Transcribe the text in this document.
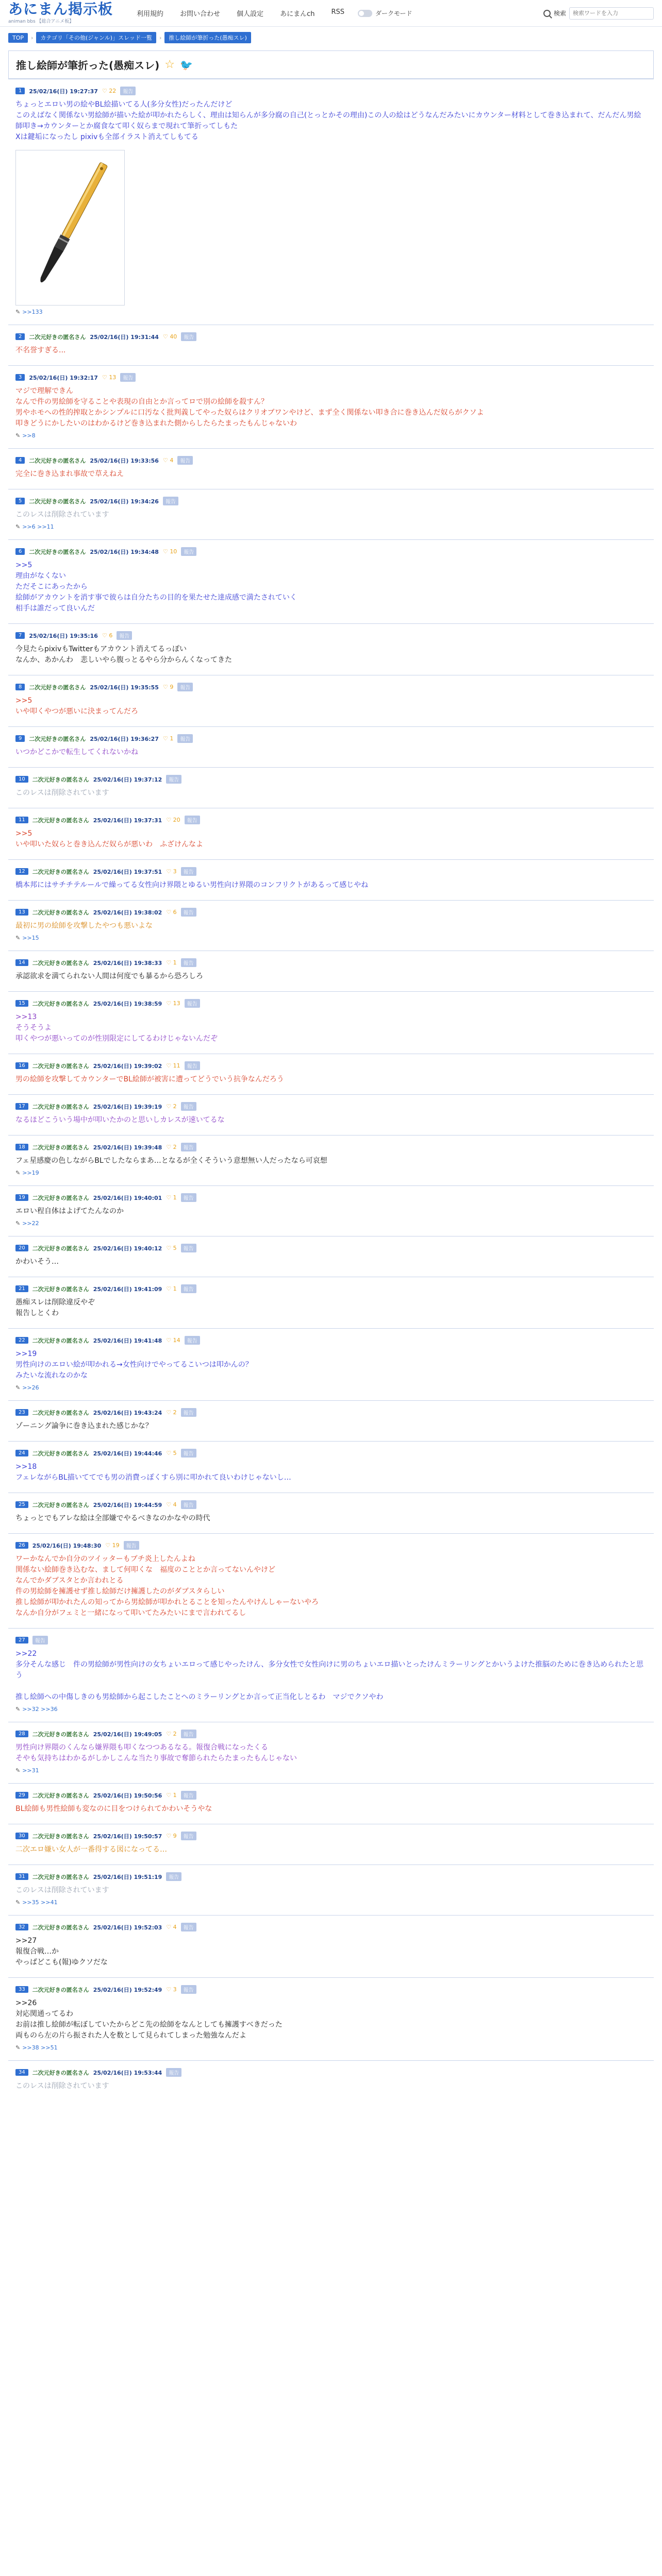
あにまん掲示板
animan bbs 【総合アニメ板】
利用規約	お問い合わせ	個人設定	あにまんch	RSS	ダークモード	検索
検索ワードを入力
TOP	›	カテゴリ「その他(ジャンル)」スレッド一覧	›	推し絵師が筆折った(愚痴スレ)
推し絵師が筆折った(愚痴スレ) ☆ 🐦
1	25/02/16(日) 19:27:37 ♡ 22	報告
ちょっとエロい男の絵やBL絵描いてる人(多分女性)だったんだけど
このえばなく関係ない男絵師が描いた絵が叩かれたらしく、理由は知らんが多分腐の自己(とっとかその理由)この人の絵はどうなんだみたいにカウンター材料として巻き込まれて、だんだん男絵師叩き→カウンターとか腐食なて叩く奴らまで現れて筆折ってしもた
Xは鍵垢になったし pixivも全部イラスト消えてしもてる
✎ >>133
2	二次元好きの匿名さん 25/02/16(日) 19:31:44 ♡ 40	報告
不名誉すぎる...
3	25/02/16(日) 19:32:17 ♡ 13	報告
マジで理解できん
なんで件の男絵師を守ることや表現の自由とか言ってロで別の絵師を殺すん？
男やホモへの性的搾取とかシンプルに口汚なく批判義してやった奴らはクリオブワンやけど、まず全く関係ない叩き合に巻き込んだ奴らがクソよ
叩きどうにかしたいのはわかるけど巻き込まれた側からしたらたまったもんじゃないわ
✎ >>8
4	二次元好きの匿名さん 25/02/16(日) 19:33:56 ♡ 4	報告
完全に巻き込まれ事故で草えねえ
5	二次元好きの匿名さん 25/02/16(日) 19:34:26	報告
このレスは削除されています
✎ >>6 >>11
6	二次元好きの匿名さん 25/02/16(日) 19:34:48 ♡ 10	報告
>>5
理由がなくない
ただそこにあったから
絵師がアカウントを消す事で彼らは自分たちの目的を果たせた達成感で満たされていく
相手は誰だって良いんだ
7	25/02/16(日) 19:35:16 ♡ 6	報告
今見たらpixivもTwitterもアカウント消えてるっぽい
なんか、あかんわ　悲しいやら腹っとるやら分からんくなってきた
8	二次元好きの匿名さん 25/02/16(日) 19:35:55 ♡ 9	報告
>>5
いや叩くやつが悪いに決まってんだろ
9	二次元好きの匿名さん 25/02/16(日) 19:36:27 ♡ 1	報告
いつかどこかで転生してくれないかね
10	二次元好きの匿名さん 25/02/16(日) 19:37:12	報告
このレスは削除されています
11	二次元好きの匿名さん 25/02/16(日) 19:37:31 ♡ 20	報告
>>5
いや叩いた奴らと巻き込んだ奴らが悪いわ　ふざけんなよ
12	二次元好きの匿名さん 25/02/16(日) 19:37:51 ♡ 3	報告
橋本邦にはサチチテルールで繰ってる女性向け界隈とゆるい男性向け界隈のコンフリクトがあるって感じやね
13	二次元好きの匿名さん 25/02/16(日) 19:38:02 ♡ 6	報告
最初に男の絵師を攻撃したやつも悪いよな
✎ >>15
14	二次元好きの匿名さん 25/02/16(日) 19:38:33 ♡ 1	報告
承認欲求を満てられない人間は何度でも暴るから恐ろしろ
15	二次元好きの匿名さん 25/02/16(日) 19:38:59 ♡ 13	報告
>>13
そうそうよ
叩くやつが悪いってのが性別限定にしてるわけじゃないんだぞ
16	二次元好きの匿名さん 25/02/16(日) 19:39:02 ♡ 11	報告
男の絵師を攻撃してカウンターでBL絵師が被害に遭ってどうでいう抗争なんだろう
17	二次元好きの匿名さん 25/02/16(日) 19:39:19 ♡ 2	報告
なるほどこういう場中が叩いたかのと思いしカレスが速いてるな
18	二次元好きの匿名さん 25/02/16(日) 19:39:48 ♡ 2	報告
フェ星感慶の色しながらBLでしたならまあ…となるが全くそういう意想無い人だったなら可哀想
✎ >>19
19	二次元好きの匿名さん 25/02/16(日) 19:40:01 ♡ 1	報告
エロい程自体はよげてたんなのか
✎ >>22
20	二次元好きの匿名さん 25/02/16(日) 19:40:12 ♡ 5	報告
かわいそう…
21	二次元好きの匿名さん 25/02/16(日) 19:41:09 ♡ 1	報告
愚痴スレは削除違反やぞ
報告しとくわ
22	二次元好きの匿名さん 25/02/16(日) 19:41:48 ♡ 14	報告
>>19
男性向けのエロい絵が叩かれる→女性向けでやってるこいつは叩かんの？
みたいな流れなのかな
✎ >>26
23	二次元好きの匿名さん 25/02/16(日) 19:43:24 ♡ 2	報告
ゾーニング論争に巻き込まれた感じかな？
24	二次元好きの匿名さん 25/02/16(日) 19:44:46 ♡ 5	報告
>>18
フェレながらBL描いててでも男の消費っぽくすら別に叩かれて良いわけじゃないし…
25	二次元好きの匿名さん 25/02/16(日) 19:44:59 ♡ 4	報告
ちょっとでもアレな絵は全部嫌でやるべきなのかなやの時代
26	25/02/16(日) 19:48:30 ♡ 19	報告
ワーかなんでか自分のツイッターもブチ炎上したんよね
関係ない絵師巻き込むな、まして何叩くな　福度のこととか言ってないんやけど
なんでかダブスタとか言われとる
件の男絵師を擁護せず推し絵師だけ擁護したのがダブスタらしい
推し絵師が叩かれたんの知ってから男絵師が叩かれとることを知ったんやけんしゃーないやろ
なんか自分がフェミと一緒になって叩いてたみたいにまで言われてるし
27	報告
>>22
多分そんな感じ　件の男絵師が男性向けの女ちょいエロって感じやったけん、多分女性で女性向けに男のちょいエロ描いとったけんミラーリングとかいうよけた推脳のために巻き込められたと思う

推し絵師への中傷しきのも男絵師から起こしたことへのミラーリングとか言って正当化しとるわ　マジでクソやわ
✎ >>32 >>36
28	二次元好きの匿名さん 25/02/16(日) 19:49:05 ♡ 2	報告
男性向け界隈のくんなら嫌界隈も叩くなつつあるなる。報復合戦になったくる
そやも気持ちはわかるがしかしこんな当たり事故で奪節られたらたまったもんじゃない
✎ >>31
29	二次元好きの匿名さん 25/02/16(日) 19:50:56 ♡ 1	報告
BL絵師も男性絵師も変なのに目をつけられてかわいそうやな
30	二次元好きの匿名さん 25/02/16(日) 19:50:57 ♡ 9	報告
二次エロ嫌い女人が一番得する図になってる…
31	二次元好きの匿名さん 25/02/16(日) 19:51:19	報告
このレスは削除されています
✎ >>35 >>41
32	二次元好きの匿名さん 25/02/16(日) 19:52:03 ♡ 4	報告
>>27
報復合戦…か
やっぱどこも(報)ゆクソだな
33	二次元好きの匿名さん 25/02/16(日) 19:52:49 ♡ 3	報告
>>26
対応関通ってるわ
お前は推し絵師が転ぼしていたからどこ先の絵師をなんとしても擁護すべきだった
両ものら左の片ら振された人を数として見られてしまった勉強なんだよ
✎ >>38 >>51
34	二次元好きの匿名さん 25/02/16(日) 19:53:44	報告
このレスは削除されています
